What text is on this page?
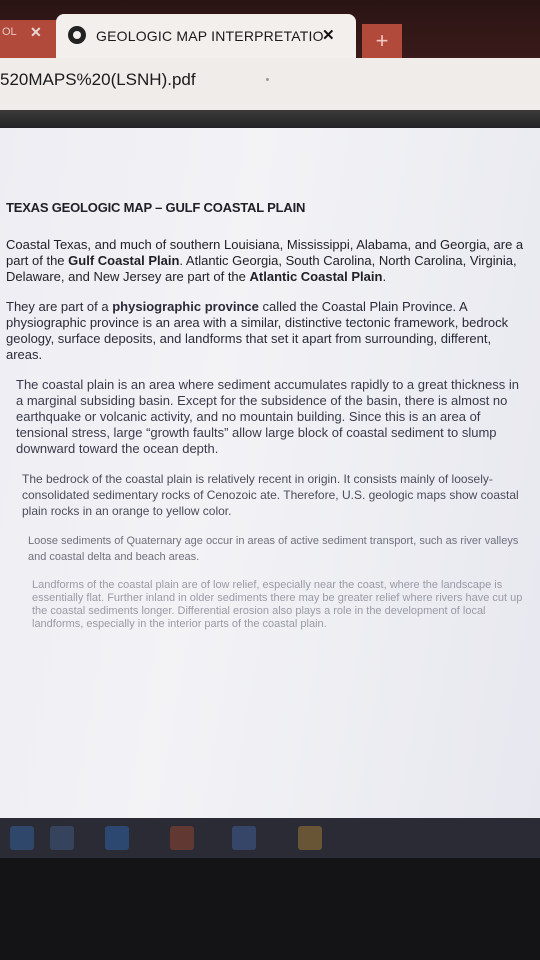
OL ✕	GEOLOGIC MAP INTERPRETATIO
✕	+
520MAPS%20(LSNH).pdf
TEXAS GEOLOGIC MAP – GULF COASTAL PLAIN

Coastal Texas, and much of southern Louisiana, Mississippi, Alabama, and Georgia, are a part of the Gulf Coastal Plain. Atlantic Georgia, South Carolina, North Carolina, Virginia, Delaware, and New Jersey are part of the Atlantic Coastal Plain.

They are part of a physiographic province called the Coastal Plain Province. A physiographic province is an area with a similar, distinctive tectonic framework, bedrock geology, surface deposits, and landforms that set it apart from surrounding, different, areas.

The coastal plain is an area where sediment accumulates rapidly to a great thickness in a marginal subsiding basin. Except for the subsidence of the basin, there is almost no earthquake or volcanic activity, and no mountain building. Since this is an area of tensional stress, large “growth faults” allow large block of coastal sediment to slump downward toward the ocean depth.

The bedrock of the coastal plain is relatively recent in origin. It consists mainly of loosely-consolidated sedimentary rocks of Cenozoic ate. Therefore, U.S. geologic maps show coastal plain rocks in an orange to yellow color.

Loose sediments of Quaternary age occur in areas of active sediment transport, such as river valleys and coastal delta and beach areas.

Landforms of the coastal plain are of low relief, especially near the coast, where the landscape is essentially flat. Further inland in older sediments there may be greater relief where rivers have cut up the coastal sediments longer. Differential erosion also plays a role in the development of local landforms, especially in the interior parts of the coastal plain.
